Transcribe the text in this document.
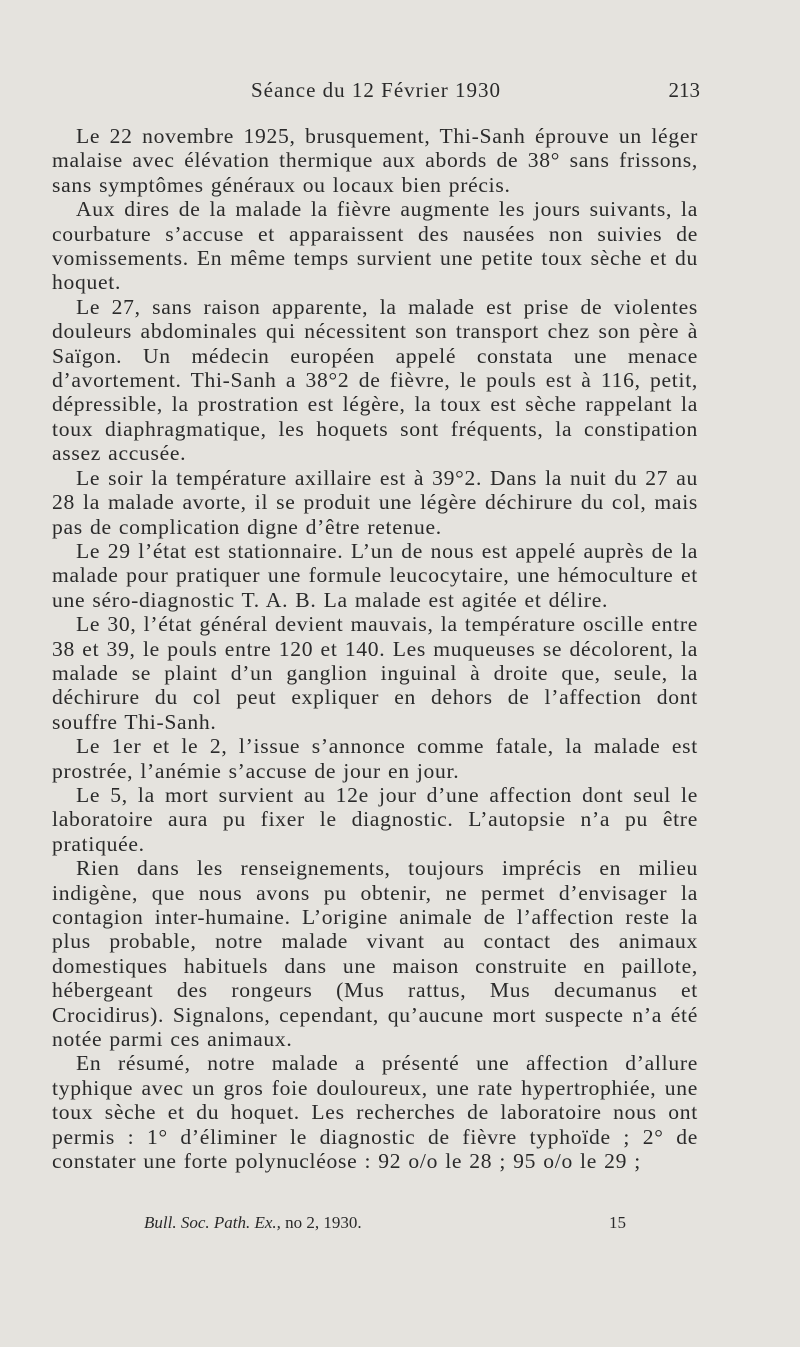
Séance du 12 Février 1930	213

Le 22 novembre 1925, brusquement, Thi-Sanh éprouve un léger malaise avec élévation thermique aux abords de 38° sans frissons, sans symptômes généraux ou locaux bien précis.

Aux dires de la malade la fièvre augmente les jours suivants, la courbature s’accuse et apparaissent des nausées non suivies de vomissements. En même temps survient une petite toux sèche et du hoquet.

Le 27, sans raison apparente, la malade est prise de violentes douleurs abdominales qui nécessitent son transport chez son père à Saïgon. Un médecin européen appelé constata une menace d’avortement. Thi-Sanh a 38°2 de fièvre, le pouls est à 116, petit, dépressible, la prostration est légère, la toux est sèche rappelant la toux diaphragmatique, les hoquets sont fréquents, la constipation assez accusée.

Le soir la température axillaire est à 39°2. Dans la nuit du 27 au 28 la malade avorte, il se produit une légère déchirure du col, mais pas de complication digne d’être retenue.

Le 29 l’état est stationnaire. L’un de nous est appelé auprès de la malade pour pratiquer une formule leucocytaire, une hémoculture et une séro-diagnostic T. A. B. La malade est agitée et délire.

Le 30, l’état général devient mauvais, la température oscille entre 38 et 39, le pouls entre 120 et 140. Les muqueuses se décolorent, la malade se plaint d’un ganglion inguinal à droite que, seule, la déchirure du col peut expliquer en dehors de l’affection dont souffre Thi-Sanh.

Le 1er et le 2, l’issue s’annonce comme fatale, la malade est prostrée, l’anémie s’accuse de jour en jour.

Le 5, la mort survient au 12e jour d’une affection dont seul le laboratoire aura pu fixer le diagnostic. L’autopsie n’a pu être pratiquée.

Rien dans les renseignements, toujours imprécis en milieu indigène, que nous avons pu obtenir, ne permet d’envisager la contagion inter-humaine. L’origine animale de l’affection reste la plus probable, notre malade vivant au contact des animaux domestiques habituels dans une maison construite en paillote, hébergeant des rongeurs (Mus rattus, Mus decumanus et Crocidirus). Signalons, cependant, qu’aucune mort suspecte n’a été notée parmi ces animaux.

En résumé, notre malade a présenté une affection d’allure typhique avec un gros foie douloureux, une rate hypertrophiée, une toux sèche et du hoquet. Les recherches de laboratoire nous ont permis : 1° d’éliminer le diagnostic de fièvre typhoïde ; 2° de constater une forte polynucléose : 92 o/o le 28 ; 95 o/o le 29 ;

Bull. Soc. Path. Ex., no 2, 1930.	15
